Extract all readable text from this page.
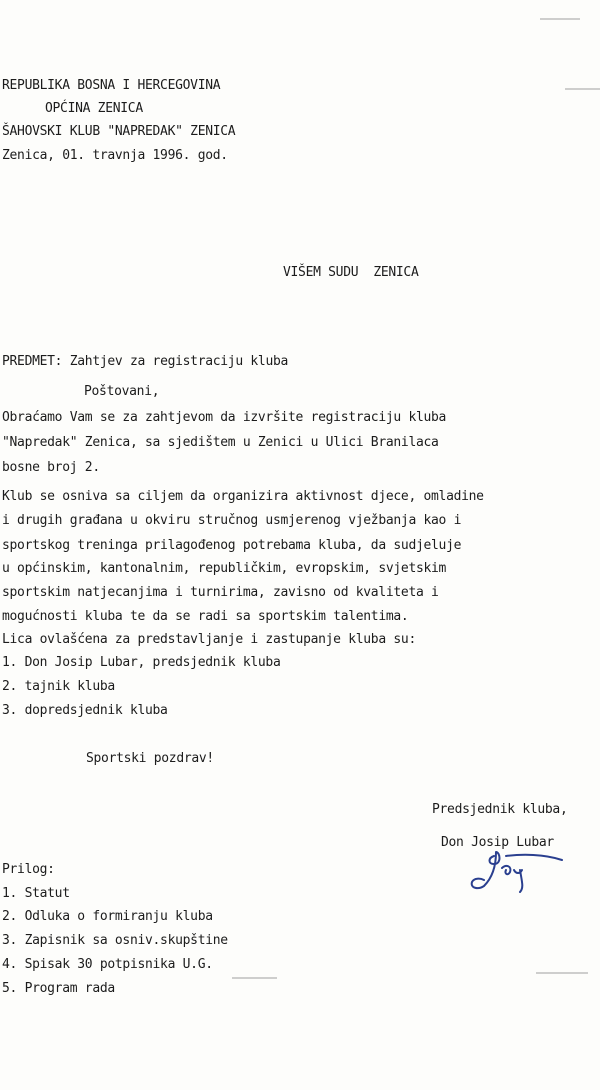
REPUBLIKA BOSNA I HERCEGOVINA
OPĆINA ZENICA
ŠAHOVSKI KLUB "NAPREDAK" ZENICA
Zenica, 01. travnja 1996. god.
VIŠEM SUDU  ZENICA
PREDMET: Zahtjev za registraciju kluba
Poštovani,
Obraćamo Vam se za zahtjevom da izvršite registraciju kluba
"Napredak" Zenica, sa sjedištem u Zenici u Ulici Branilaca
bosne broj 2.
Klub se osniva sa ciljem da organizira aktivnost djece, omladine
i drugih građana u okviru stručnog usmjerenog vježbanja kao i
sportskog treninga prilagođenog potrebama kluba, da sudjeluje
u općinskim, kantonalnim, republičkim, evropskim, svjetskim
sportskim natjecanjima i turnirima, zavisno od kvaliteta i
mogućnosti kluba te da se radi sa sportskim talentima.
Lica ovlašćena za predstavljanje i zastupanje kluba su:
1. Don Josip Lubar, predsjednik kluba
2. tajnik kluba
3. dopredsjednik kluba
Sportski pozdrav!
Predsjednik kluba,
Don Josip Lubar
Prilog:
1. Statut
2. Odluka o formiranju kluba
3. Zapisnik sa osniv.skupštine
4. Spisak 30 potpisnika U.G.
5. Program rada
